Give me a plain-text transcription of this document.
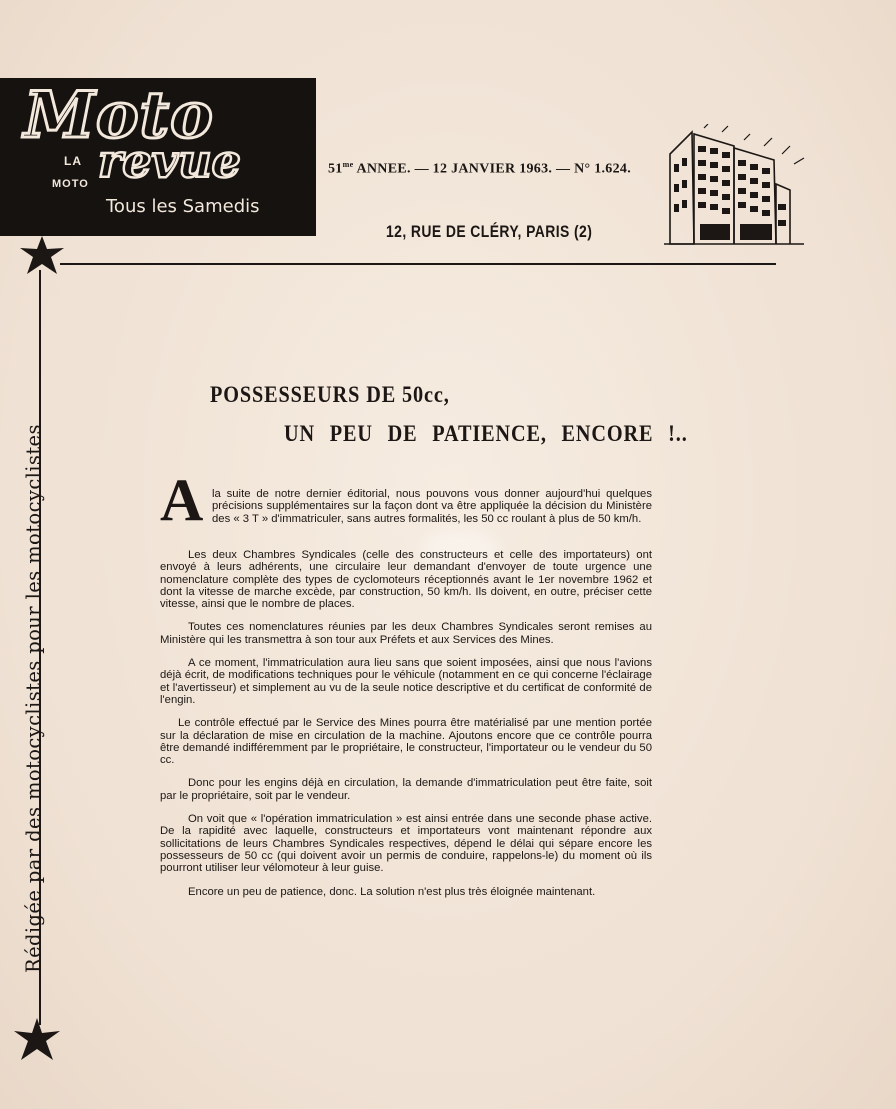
Moto
LA
MOTO revue
Tous les Samedis
$51^{me}$ ANNEE. — 12 JANVIER 1963. — N° 1.624.
12, RUE DE CLÉRY, PARIS (2)
Rédigée par des motocyclistes pour les motocyclistes
POSSESSEURS DE 50cc,
UN PEU DE PATIENCE, ENCORE !..

A la suite de notre dernier éditorial, nous pouvons vous donner aujourd'hui quelques précisions supplémentaires sur la façon dont va être appliquée la décision du Ministère des « 3 T » d'immatriculer, sans autres formalités, les 50 cc roulant à plus de 50 km/h.

Les deux Chambres Syndicales (celle des constructeurs et celle des importateurs) ont envoyé à leurs adhérents, une circulaire leur demandant d'envoyer de toute urgence une nomenclature complète des types de cyclomoteurs réceptionnés avant le 1er novembre 1962 et dont la vitesse de marche excède, par construction, 50 km/h. Ils doivent, en outre, préciser cette vitesse, ainsi que le nombre de places.

Toutes ces nomenclatures réunies par les deux Chambres Syndicales seront remises au Ministère qui les transmettra à son tour aux Préfets et aux Services des Mines.

A ce moment, l'immatriculation aura lieu sans que soient imposées, ainsi que nous l'avions déjà écrit, de modifications techniques pour le véhicule (notamment en ce qui concerne l'éclairage et l'avertisseur) et simplement au vu de la seule notice descriptive et du certificat de conformité de l'engin.

Le contrôle effectué par le Service des Mines pourra être matérialisé par une mention portée sur la déclaration de mise en circulation de la machine. Ajoutons encore que ce contrôle pourra être demandé indifféremment par le propriétaire, le constructeur, l'importateur ou le vendeur du 50 cc.

Donc pour les engins déjà en circulation, la demande d'immatriculation peut être faite, soit par le propriétaire, soit par le vendeur.

On voit que « l'opération immatriculation » est ainsi entrée dans une seconde phase active. De la rapidité avec laquelle, constructeurs et importateurs vont maintenant répondre aux sollicitations de leurs Chambres Syndicales respectives, dépend le délai qui sépare encore les possesseurs de 50 cc (qui doivent avoir un permis de conduire, rappelons-le) du moment où ils pourront utiliser leur vélomoteur à leur guise.

Encore un peu de patience, donc. La solution n'est plus très éloignée maintenant.
